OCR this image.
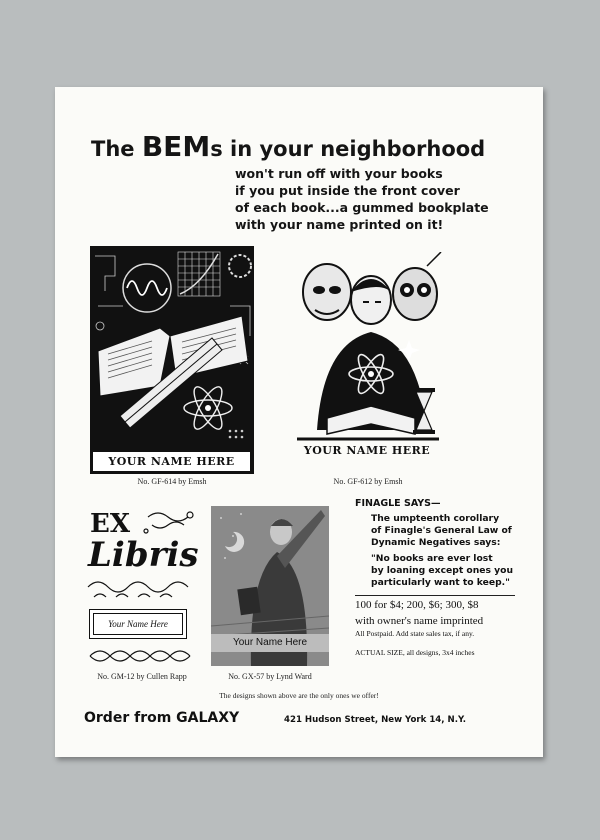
The BEMs in your neighborhood
won't run off with your books
if you put inside the front cover
of each book...a gummed bookplate
with your name printed on it!
YOUR NAME HERE
No. GF-614 by Emsh
YOUR NAME HERE
No. GF-612 by Emsh
EX
Libris
Your Name Here
No. GM-12 by Cullen Rapp
Your Name Here
No. GX-57 by Lynd Ward
FINAGLE SAYS—
The umpteenth corollary
of Finagle's General Law of
Dynamic Negatives says:
"No books are ever lost
by loaning except ones you
particularly want to keep."
100 for $4; 200, $6; 300, $8
with owner's name imprinted
All Postpaid. Add state sales tax, if any.
ACTUAL SIZE, all designs, 3x4 inches
The designs shown above are the only ones we offer!
Order from GALAXY	421 Hudson Street, New York 14, N.Y.
